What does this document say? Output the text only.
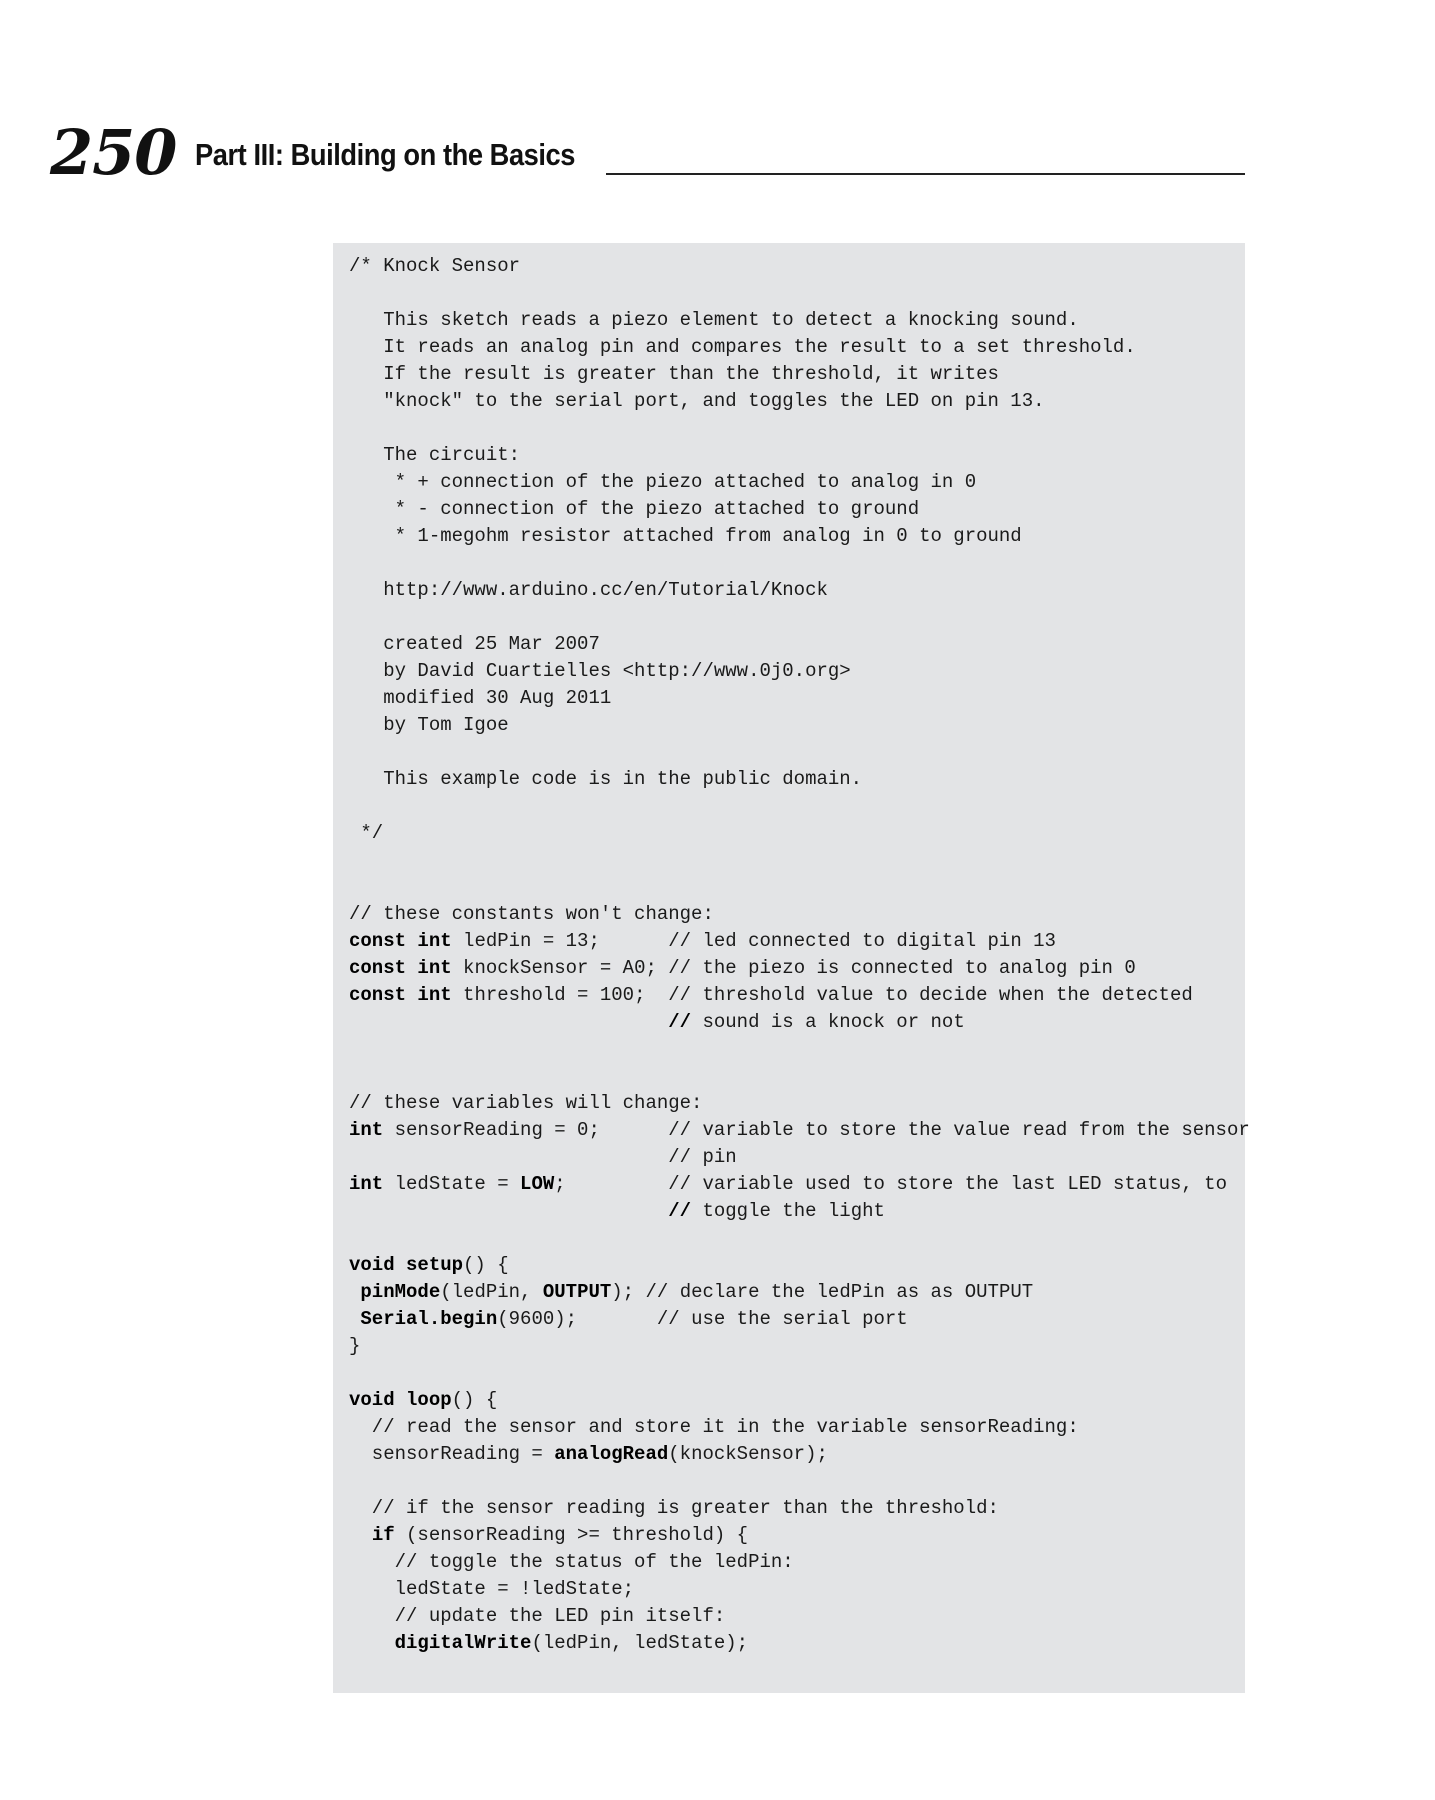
250 Part III: Building on the Basics
/* Knock Sensor
This sketch reads a piezo element to detect a knocking sound.
It reads an analog pin and compares the result to a set threshold.
If the result is greater than the threshold, it writes
"knock" to the serial port, and toggles the LED on pin 13.
The circuit:
* + connection of the piezo attached to analog in 0
* - connection of the piezo attached to ground
* 1-megohm resistor attached from analog in 0 to ground
http://www.arduino.cc/en/Tutorial/Knock
created 25 Mar 2007
by David Cuartielles <http://www.0j0.org>
modified 30 Aug 2011
by Tom Igoe
This example code is in the public domain.
*/
// these constants won't change:
const int ledPin = 13;      // led connected to digital pin 13
const int knockSensor = A0; // the piezo is connected to analog pin 0
const int threshold = 100;  // threshold value to decide when the detected
// sound is a knock or not
// these variables will change:
int sensorReading = 0;      // variable to store the value read from the sensor
// pin
int ledState = LOW;         // variable used to store the last LED status, to
// toggle the light
void setup() {
pinMode(ledPin, OUTPUT); // declare the ledPin as as OUTPUT
Serial.begin(9600);       // use the serial port
}
void loop() {
// read the sensor and store it in the variable sensorReading:
sensorReading = analogRead(knockSensor);
// if the sensor reading is greater than the threshold:
if (sensorReading >= threshold) {
// toggle the status of the ledPin:
ledState = !ledState;
// update the LED pin itself:
digitalWrite(ledPin, ledState);
